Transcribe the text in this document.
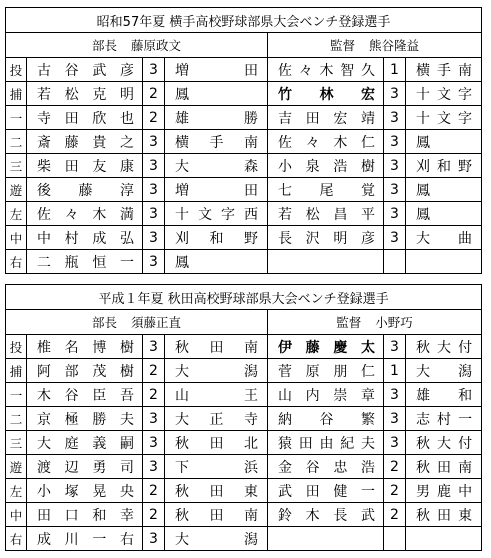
昭和57年夏 横手高校野球部県大会ベンチ登録選手						
部長 藤原政文				監督 熊谷隆益		
投	古谷武彦	3	増田	佐々木智久	1	横手南
捕	若松克明	2	鳳	竹林宏	3	十文字
一	寺田欣也	2	雄勝	吉田宏靖	3	十文字
二	斎藤貴之	3	横手南	佐々木仁	3	鳳
三	柴田友康	3	大森	小泉浩樹	3	刈和野
遊	後藤淳	3	増田	七尾覚	3	鳳
左	佐々木満	3	十文字西	若松昌平	3	鳳
中	中村成弘	3	刈和野	長沢明彦	3	大曲
右	二瓶恒一	3	鳳			
平成１年夏 秋田高校野球部県大会ベンチ登録選手						
部長 須藤正直				監督 小野巧		
投	椎名博樹	3	秋田南	伊藤慶太	3	秋大付
捕	阿部茂樹	2	大潟	菅原朋仁	1	大潟
一	木谷臣吾	2	山王	山内崇章	3	雄和
二	京極勝夫	3	大正寺	納谷繁	3	志村一
三	大庭義嗣	3	秋田北	猿田由紀夫	3	秋大付
遊	渡辺勇司	3	下浜	金谷忠浩	2	秋田南
左	小塚晃央	2	秋田東	武田健一	2	男鹿中
中	田口和幸	2	秋田南	鈴木長武	2	秋田東
右	成川一右	3	大潟			
